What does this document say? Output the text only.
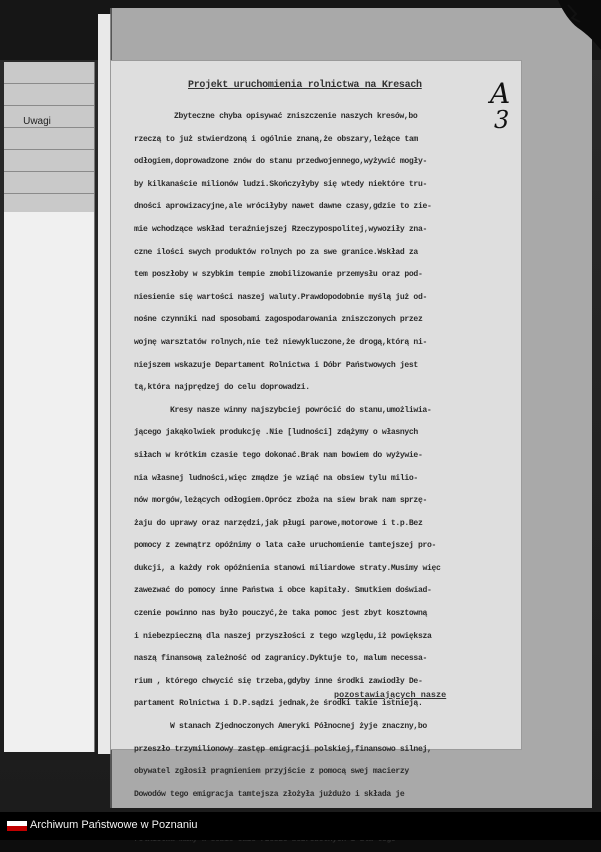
Uwagi
Projekt uruchomienia rolnictwa na Kresach	A
3
Zbyteczne chyba opisywać zniszczenie naszych kresów,bo
rzeczą to już stwierdzoną i ogólnie znaną,że obszary,leżące tam
odłogiem,doprowadzone znów do stanu przedwojennego,wyżywić mogły-
by kilkanaście milionów ludzi.Skończyłyby się wtedy niektóre tru-
dności aprowizacyjne,ale wróciłyby nawet dawne czasy,gdzie to zie-
mie wchodzące wskład teraźniejszej Rzeczypospolitej,wywoziły zna-
czne ilości swych produktów rolnych po za swe granice.Wskład za
tem poszłoby w szybkim tempie zmobilizowanie przemysłu oraz pod-
niesienie się wartości naszej waluty.Prawdopodobnie myślą już od-
nośne czynniki nad sposobami zagospodarowania zniszczonych przez
wojnę warsztatów rolnych,nie też niewykluczone,że drogą,którą ni-
niejszem wskazuje Departament Rolnictwa i Dóbr Państwowych jest
tą,która najprędzej do celu doprowadzi.
Kresy nasze winny najszybciej powrócić do stanu,umożliwia-
jącego jakąkolwiek produkcję .Nie [ludności] zdążymy o własnych
siłach w krótkim czasie tego dokonać.Brak nam bowiem do wyżywie-
nia własnej ludności,więc zmądze je wziąć na obsiew tylu milio-
nów morgów,leżących odłogiem.Oprócz zboża na siew brak nam sprzę-
żaju do uprawy oraz narzędzi,jak pługi parowe,motorowe i t.p.Bez
pomocy z zewnątrz opóźnimy o lata całe uruchomienie tamtejszej pro-
dukcji, a każdy rok opóźnienia stanowi miliardowe straty.Musimy więc
zawezwać do pomocy inne Państwa i obce kapitały. Smutkiem doświad-
czenie powinno nas było pouczyć,że taka pomoc jest zbyt kosztowną
i niebezpieczną dla naszej przyszłości z tego względu,iż powiększa
naszą finansową zależność od zagranicy.Dyktuje to, malum necessa-
rium , którego chwycić się trzeba,gdyby inne środki zawiodły De-
partament Rolnictwa i D.P.sądzi jednak,że środki takie istnieją.
W stanach Zjednoczonych Ameryki Północnej żyje znaczny,bo
przeszło trzymilionowy zastęp emigracji polskiej,finansowo silnej,
obywatel zgłosił pragnieniem przyjście z pomocą swej macierzy
Dowodów tego emigracja tamtejsza złożyła jużdużo i składa je
pozostawiających nasze
Archiwum Państwowe w Poznaniu
